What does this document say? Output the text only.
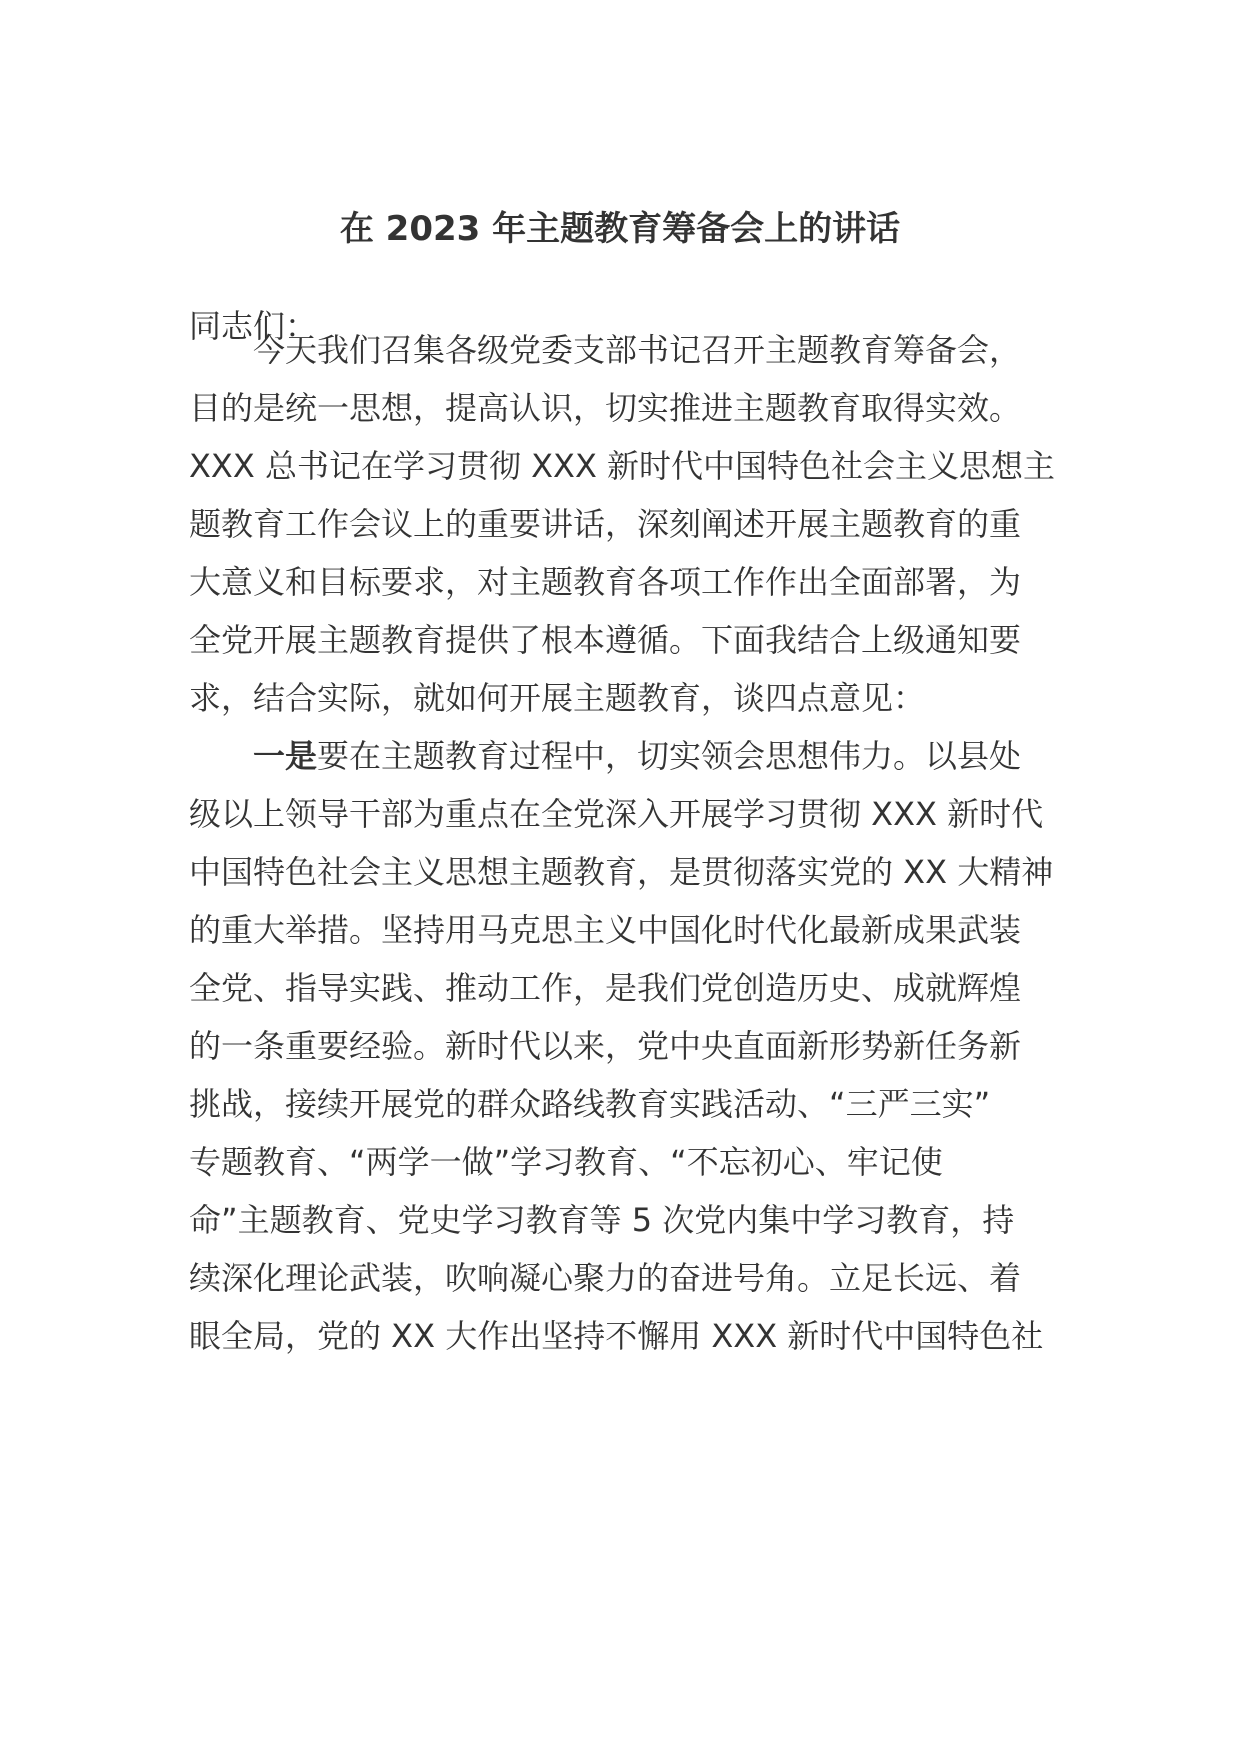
在 2023 年主题教育筹备会上的讲话
同志们：
今天我们召集各级党委支部书记召开主题教育筹备会，
目的是统一思想，提高认识，切实推进主题教育取得实效。
XXX 总书记在学习贯彻 XXX 新时代中国特色社会主义思想主
题教育工作会议上的重要讲话，深刻阐述开展主题教育的重
大意义和目标要求，对主题教育各项工作作出全面部署，为
全党开展主题教育提供了根本遵循。下面我结合上级通知要
求，结合实际，就如何开展主题教育，谈四点意见：
一是要在主题教育过程中，切实领会思想伟力。以县处
级以上领导干部为重点在全党深入开展学习贯彻 XXX 新时代
中国特色社会主义思想主题教育，是贯彻落实党的 XX 大精神
的重大举措。坚持用马克思主义中国化时代化最新成果武装
全党、指导实践、推动工作，是我们党创造历史、成就辉煌
的一条重要经验。新时代以来，党中央直面新形势新任务新
挑战，接续开展党的群众路线教育实践活动、“三严三实”
专题教育、“两学一做”学习教育、“不忘初心、牢记使
命”主题教育、党史学习教育等 5 次党内集中学习教育，持
续深化理论武装，吹响凝心聚力的奋进号角。立足长远、着
眼全局，党的 XX 大作出坚持不懈用 XXX 新时代中国特色社
